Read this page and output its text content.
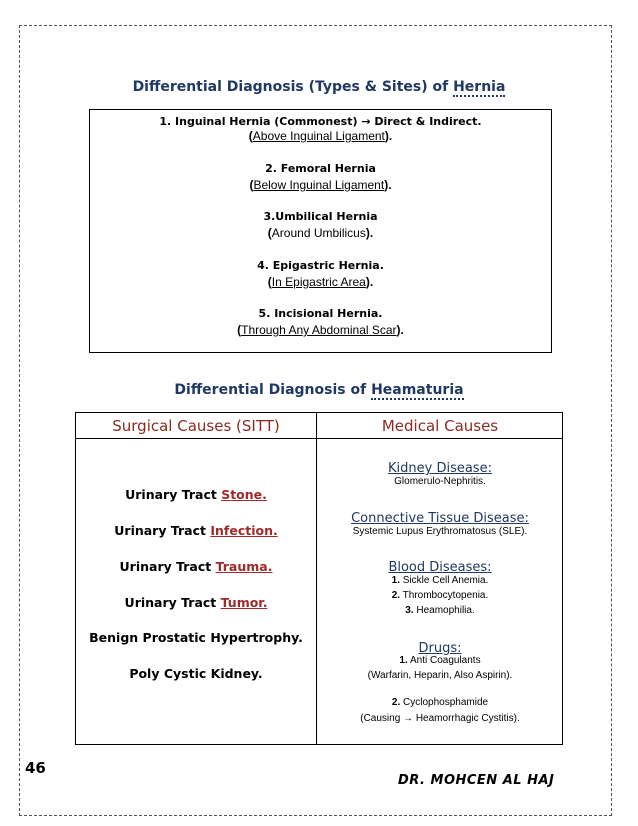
Differential Diagnosis (Types & Sites) of Hernia
1. Inguinal Hernia (Commonest) → Direct & Indirect.
(Above Inguinal Ligament).
2. Femoral Hernia
(Below Inguinal Ligament).
3.Umbilical Hernia
(Around Umbilicus).
4. Epigastric Hernia.
(In Epigastric Area).
5. Incisional Hernia.
(Through Any Abdominal Scar).
Differential Diagnosis of Heamaturia
Surgical Causes (SITT)	Medical Causes
Urinary Tract Stone.
Urinary Tract Infection.
Urinary Tract Trauma.
Urinary Tract Tumor.
Benign Prostatic Hypertrophy.
Poly Cystic Kidney.
Kidney Disease:
Glomerulo-Nephritis.
Connective Tissue Disease:
Systemic Lupus Erythromatosus (SLE).
Blood Diseases:
1. Sickle Cell Anemia.
2. Thrombocytopenia.
3. Heamophilia.
Drugs:
1. Anti Coagulants
(Warfarin, Heparin, Also Aspirin).
2. Cyclophosphamide
(Causing → Heamorrhagic Cystitis).
46
DR. MOHCEN AL HAJ
